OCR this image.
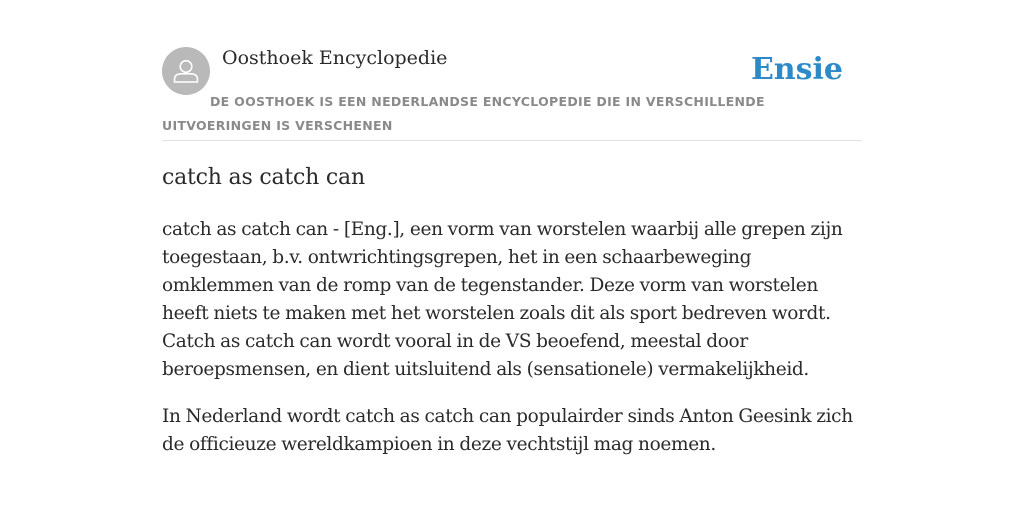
Oosthoek Encyclopedie	Ensie
DE OOSTHOEK IS EEN NEDERLANDSE ENCYCLOPEDIE DIE IN VERSCHILLENDE UITVOERINGEN IS VERSCHENEN
catch as catch can

catch as catch can - [Eng.], een vorm van worstelen waarbij alle grepen zijn toegestaan, b.v. ontwrichtingsgrepen, het in een schaarbeweging omklemmen van de romp van de tegenstander. Deze vorm van worstelen heeft niets te maken met het worstelen zoals dit als sport bedreven wordt. Catch as catch can wordt vooral in de VS beoefend, meestal door beroepsmensen, en dient uitsluitend als (sensationele) vermakelijkheid.

In Nederland wordt catch as catch can populairder sinds Anton Geesink zich de officieuze wereldkampioen in deze vechtstijl mag noemen.
